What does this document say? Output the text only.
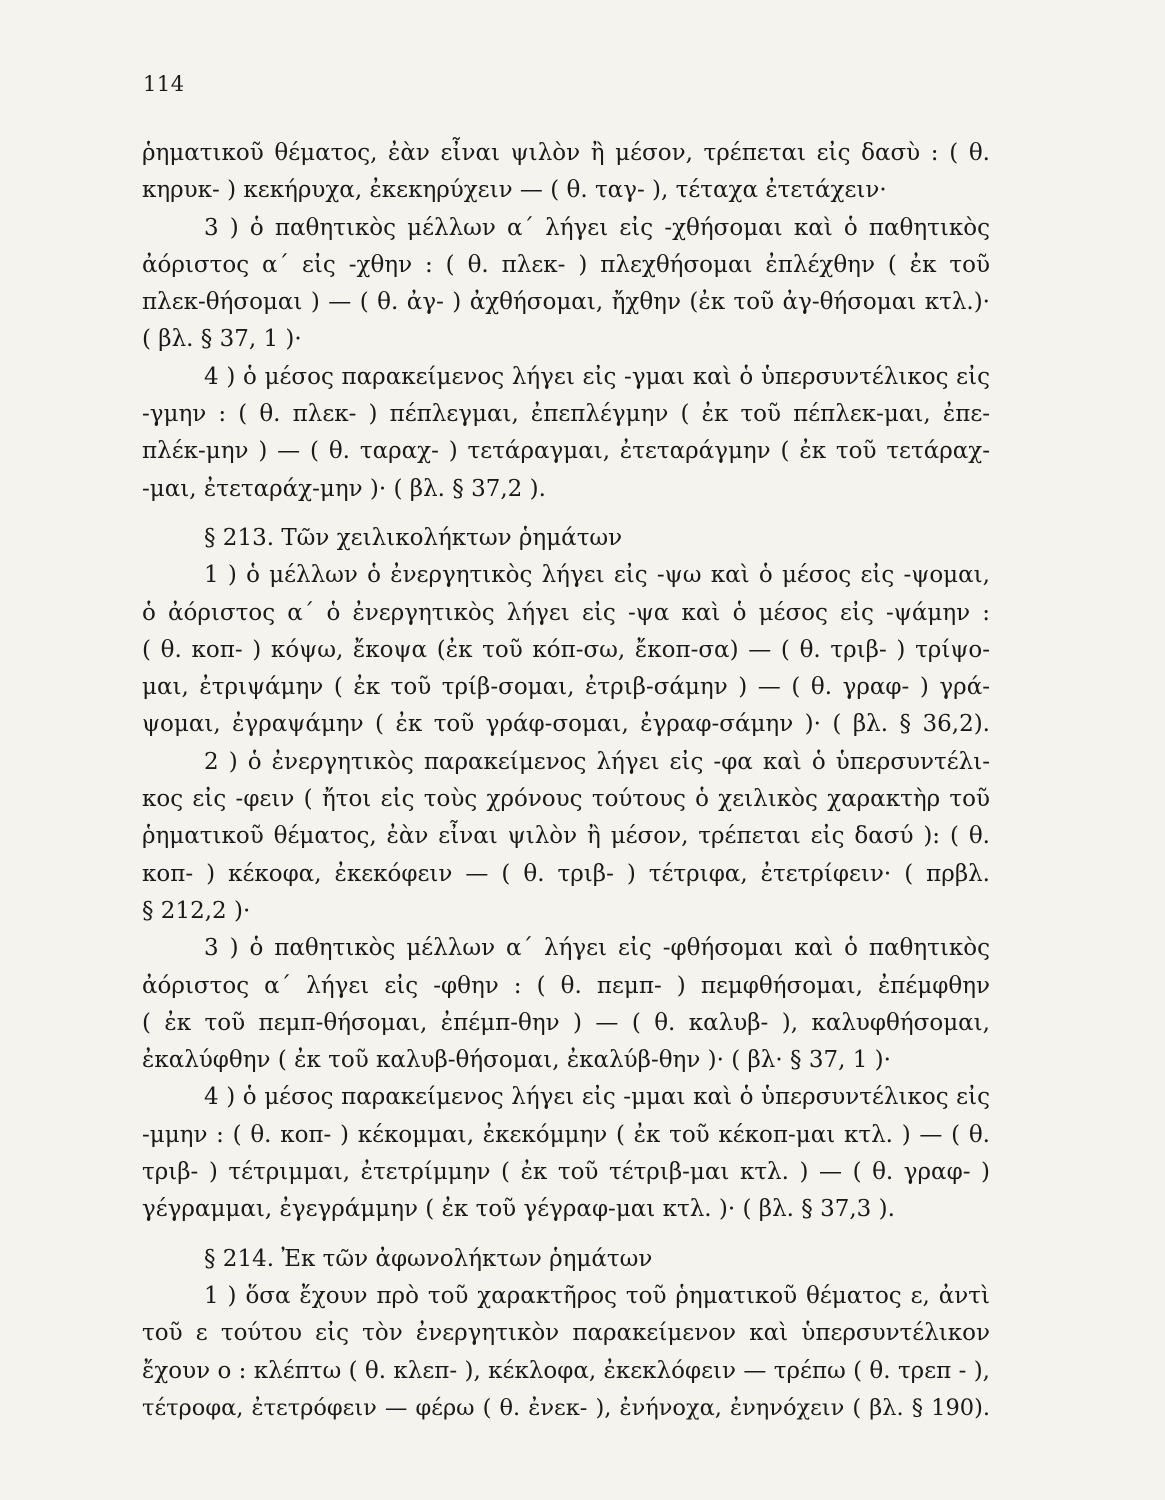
114
ῥηματικοῦ θέματος, ἐὰν εἶναι ψιλὸν ἢ μέσον, τρέπεται εἰς δασὺ : ( θ.
κηρυκ- ) κεκήρυχα, ἐκεκηρύχειν — ( θ. ταγ- ), τέταχα ἐτετάχειν·
3 ) ὁ παθητικὸς μέλλων α΄ λήγει εἰς -χθήσομαι καὶ ὁ παθητικὸς
ἀόριστος α΄ εἰς -χθην : ( θ. πλεκ- ) πλεχθήσομαι ἐπλέχθην ( ἐκ τοῦ
πλεκ-θήσομαι ) — ( θ. ἀγ- ) ἀχθήσομαι, ἤχθην (ἐκ τοῦ ἀγ-θήσομαι κτλ.)·
( βλ. § 37, 1 )·
4 ) ὁ μέσος παρακείμενος λήγει εἰς -γμαι καὶ ὁ ὑπερσυντέλικος εἰς
-γμην : ( θ. πλεκ- ) πέπλεγμαι, ἐπεπλέγμην ( ἐκ τοῦ πέπλεκ-μαι, ἐπε-
πλέκ-μην ) — ( θ. ταραχ- ) τετάραγμαι, ἐτεταράγμην ( ἐκ τοῦ τετάραχ-
-μαι, ἐτεταράχ-μην )· ( βλ. § 37,2 ).
§ 213. Τῶν χειλικολήκτων ῥημάτων
1 ) ὁ μέλλων ὁ ἐνεργητικὸς λήγει εἰς -ψω καὶ ὁ μέσος εἰς -ψομαι,
ὁ ἀόριστος α΄ ὁ ἐνεργητικὸς λήγει εἰς -ψα καὶ ὁ μέσος εἰς -ψάμην :
( θ. κοπ- ) κόψω, ἔκοψα (ἐκ τοῦ κόπ-σω, ἔκοπ-σα) — ( θ. τριβ- ) τρίψο-
μαι, ἐτριψάμην ( ἐκ τοῦ τρίβ-σομαι, ἐτριβ-σάμην ) — ( θ. γραφ- ) γρά-
ψομαι, ἐγραψάμην ( ἐκ τοῦ γράφ-σομαι, ἐγραφ-σάμην )· ( βλ. § 36,2).
2 ) ὁ ἐνεργητικὸς παρακείμενος λήγει εἰς -φα καὶ ὁ ὑπερσυντέλι-
κος εἰς -φειν ( ἤτοι εἰς τοὺς χρόνους τούτους ὁ χειλικὸς χαρακτὴρ τοῦ
ῥηματικοῦ θέματος, ἐὰν εἶναι ψιλὸν ἢ μέσον, τρέπεται εἰς δασύ ): ( θ.
κοπ- ) κέκοφα, ἐκεκόφειν — ( θ. τριβ- ) τέτριφα, ἐτετρίφειν· ( πρβλ.
§ 212,2 )·
3 ) ὁ παθητικὸς μέλλων α΄ λήγει εἰς -φθήσομαι καὶ ὁ παθητικὸς
ἀόριστος α΄ λήγει εἰς -φθην : ( θ. πεμπ- ) πεμφθήσομαι, ἐπέμφθην
( ἐκ τοῦ πεμπ-θήσομαι, ἐπέμπ-θην ) — ( θ. καλυβ- ), καλυφθήσομαι,
ἐκαλύφθην ( ἐκ τοῦ καλυβ-θήσομαι, ἐκαλύβ-θην )· ( βλ· § 37, 1 )·
4 ) ὁ μέσος παρακείμενος λήγει εἰς -μμαι καὶ ὁ ὑπερσυντέλικος εἰς
-μμην : ( θ. κοπ- ) κέκομμαι, ἐκεκόμμην ( ἐκ τοῦ κέκοπ-μαι κτλ. ) — ( θ.
τριβ- ) τέτριμμαι, ἐτετρίμμην ( ἐκ τοῦ τέτριβ-μαι κτλ. ) — ( θ. γραφ- )
γέγραμμαι, ἐγεγράμμην ( ἐκ τοῦ γέγραφ-μαι κτλ. )· ( βλ. § 37,3 ).
§ 214. Ἐκ τῶν ἀφωνολήκτων ῥημάτων
1 ) ὅσα ἔχουν πρὸ τοῦ χαρακτῆρος τοῦ ῥηματικοῦ θέματος ε, ἀντὶ
τοῦ ε τούτου εἰς τὸν ἐνεργητικὸν παρακείμενον καὶ ὑπερσυντέλικον
ἔχουν ο : κλέπτω ( θ. κλεπ- ), κέκλοφα, ἐκεκλόφειν — τρέπω ( θ. τρεπ - ),
τέτροφα, ἐτετρόφειν — φέρω ( θ. ἐνεκ- ), ἐνήνοχα, ἐνηνόχειν ( βλ. § 190).
